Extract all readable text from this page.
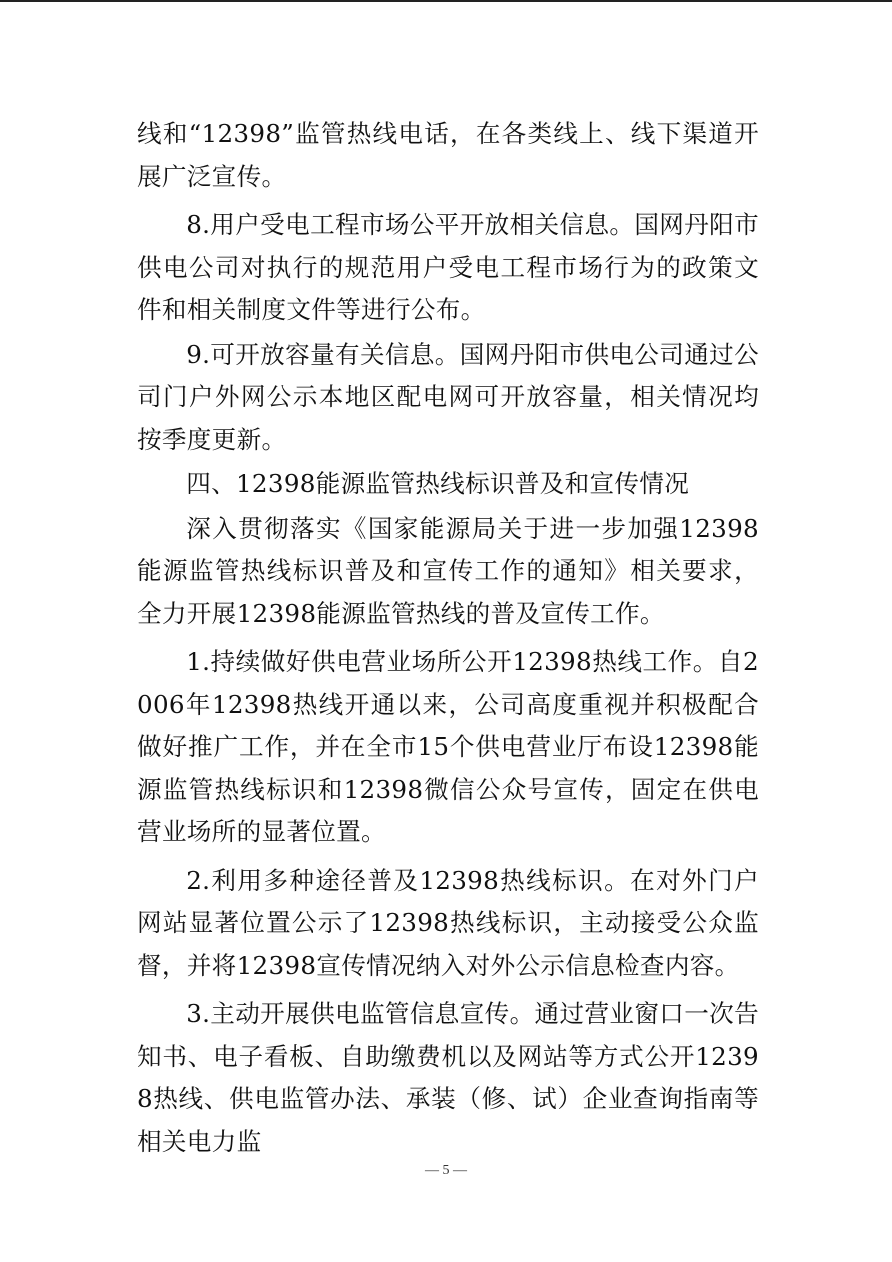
线和“12398”监管热线电话，在各类线上、线下渠道开展广泛宣传。

8.用户受电工程市场公平开放相关信息。国网丹阳市供电公司对执行的规范用户受电工程市场行为的政策文件和相关制度文件等进行公布。

9.可开放容量有关信息。国网丹阳市供电公司通过公司门户外网公示本地区配电网可开放容量，相关情况均按季度更新。

四、12398能源监管热线标识普及和宣传情况

深入贯彻落实《国家能源局关于进一步加强12398能源监管热线标识普及和宣传工作的通知》相关要求，全力开展12398能源监管热线的普及宣传工作。

1.持续做好供电营业场所公开12398热线工作。自2006年12398热线开通以来，公司高度重视并积极配合做好推广工作，并在全市15个供电营业厅布设12398能源监管热线标识和12398微信公众号宣传，固定在供电营业场所的显著位置。

2.利用多种途径普及12398热线标识。在对外门户网站显著位置公示了12398热线标识，主动接受公众监督，并将12398宣传情况纳入对外公示信息检查内容。

3.主动开展供电监管信息宣传。通过营业窗口一次告知书、电子看板、自助缴费机以及网站等方式公开12398热线、供电监管办法、承装（修、试）企业查询指南等相关电力监

— 5 —
